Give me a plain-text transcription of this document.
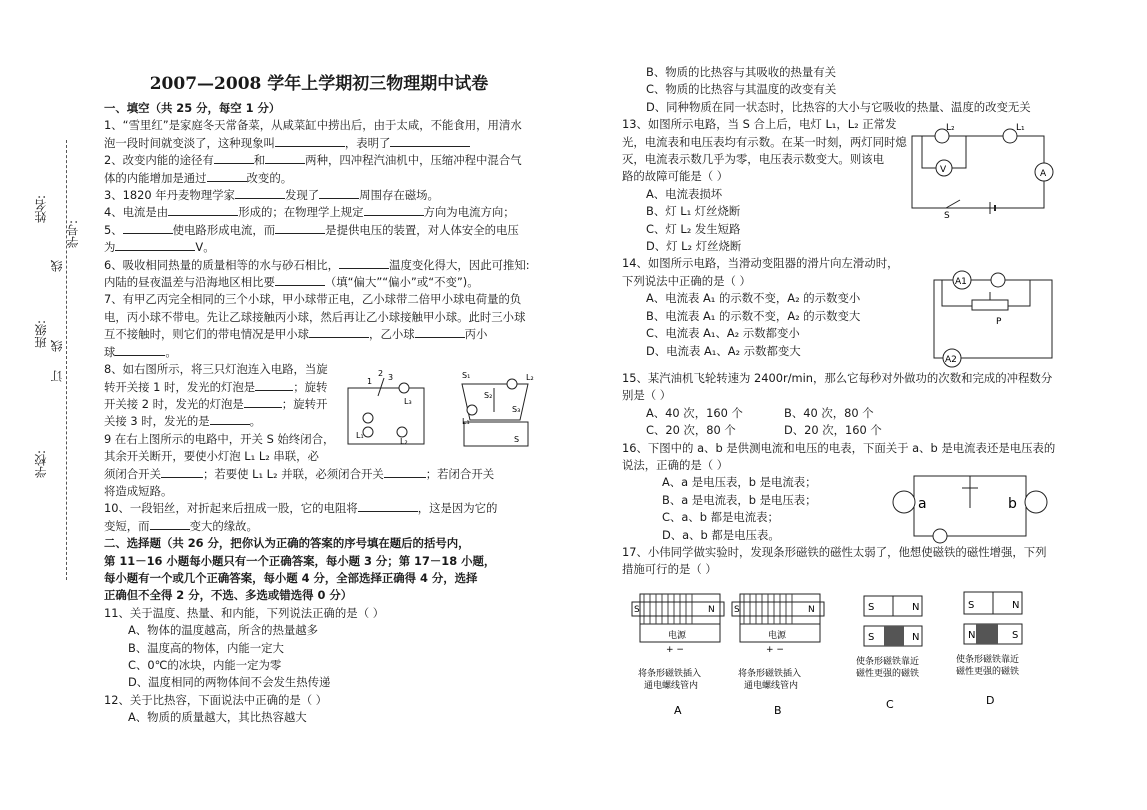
学校:
班级: 线
姓名:
订
线
学号:
2007—2008 学年上学期初三物理期中试卷

一、填空（共 25 分，每空 1 分）

1、“雪里红”是家庭冬天常备菜，从咸菜缸中捞出后，由于太咸，不能食用，用清水

泡一段时间就变淡了，这种现象叫	，表明了

2、改变内能的途径有	和	两种，四冲程汽油机中，压缩冲程中混合气

体的内能增加是通过	改变的。

3、1820 年丹麦物理学家	发现了	周围存在磁场。

4、电流是由	形成的；在物理学上规定	方向为电流方向；

5、	使电路形成电流，而	是提供电压的装置，对人体安全的电压

为	V。

6、吸收相同热量的质量相等的水与砂石相比，	温度变化得大，因此可推知:

内陆的昼夜温差与沿海地区相比要	（填“偏大”“偏小”或“不变”)。

7、有甲乙丙完全相同的三个小球，甲小球带正电，乙小球带二倍甲小球电荷量的负

电，丙小球不带电。先让乙球接触丙小球，然后再让乙小球接触甲小球。此时三小球

互不接触时，则它们的带电情况是甲小球	，乙小球	丙小

球	。

8、如右图所示，将三只灯泡连入电路，当旋

转开关接 1 时，发光的灯泡是	；旋转

开关接 2 时，发光的灯泡是	；旋转开

关接 3 时，发光的是	。

9 在右上图所示的电路中，开关 S 始终闭合，

其余开关断开，要使小灯泡 L₁ L₂ 串联，必

须闭合开关	；若要使 L₁ L₂ 并联，必须闭合开关	；若闭合开关

将造成短路。

10、一段铝丝，对折起来后扭成一股，它的电阻将	，这是因为它的

变短，而	变大的缘故。

二、选择题（共 26 分，把你认为正确的答案的序号填在题后的括号内，

第 11－16 小题每小题只有一个正确答案，每小题 3 分；第 17－18 小题，

每小题有一个或几个正确答案，每小题 4 分，全部选择正确得 4 分，选择

正确但不全得 2 分，不选、多选或错选得 0 分）

11、关于温度、热量、和内能，下列说法正确的是（ ）

A、物体的温度越高，所含的热量越多

B、温度高的物体，内能一定大

C、0℃的冰块，内能一定为零

D、温度相同的两物体间不会发生热传递

12、关于比热容，下面说法中正确的是（ ）

A、物质的质量越大，其比热容越大

1
2 3
L₃
L₁
L₂
S₁
S₂
S₃
L₁
L₂
S

B、物质的比热容与其吸收的热量有关

C、物质的比热容与其温度的改变有关

D、同种物质在同一状态时，比热容的大小与它吸收的热量、温度的改变无关

13、如图所示电路，当 S 合上后，电灯 L₁，L₂ 正常发

光，电流表和电压表均有示数。在某一时刻，两灯同时熄

灭，电流表示数几乎为零，电压表示数变大。则该电

路的故障可能是（ ）

A、电流表损坏

B、灯 L₁ 灯丝烧断

C、灯 L₂ 发生短路

D、灯 L₂ 灯丝烧断

14、如图所示电路，当滑动变阻器的滑片向左滑动时，

下列说法中正确的是（ ）

A、电流表 A₁ 的示数不变，A₂ 的示数变小

B、电流表 A₁ 的示数不变，A₂ 的示数变大

C、电流表 A₁、A₂ 示数都变小

D、电流表 A₁、A₂ 示数都变大

15、某汽油机飞轮转速为 2400r/min，那么它每秒对外做功的次数和完成的冲程数分

别是（ ）

A、40 次，160 个	B、40 次，80 个

C、20 次，80 个	D、20 次，160 个

16、下图中的 a、b 是供测电流和电压的电表，下面关于 a、b 是电流表还是电压表的

说法，正确的是（ ）

A、a 是电压表，b 是电流表；

B、a 是电流表，b 是电压表；

C、a、b 都是电流表；

D、a、b 都是电压表。

17、小伟同学做实验时，发现条形磁铁的磁性太弱了，他想使磁铁的磁性增强，下列

措施可行的是（ ）

L₂	L₁
V	A
S
A1
A2
P
a	b
S	N
电源
+ −
将条形磁铁插入
通电螺线管内
A
S	N
电源
+ −
将条形磁铁插入
通电螺线管内
B
S	N
S	N
使条形磁铁靠近
磁性更强的磁铁
C
S	N
N	S
使条形磁铁靠近
磁性更强的磁铁
D
